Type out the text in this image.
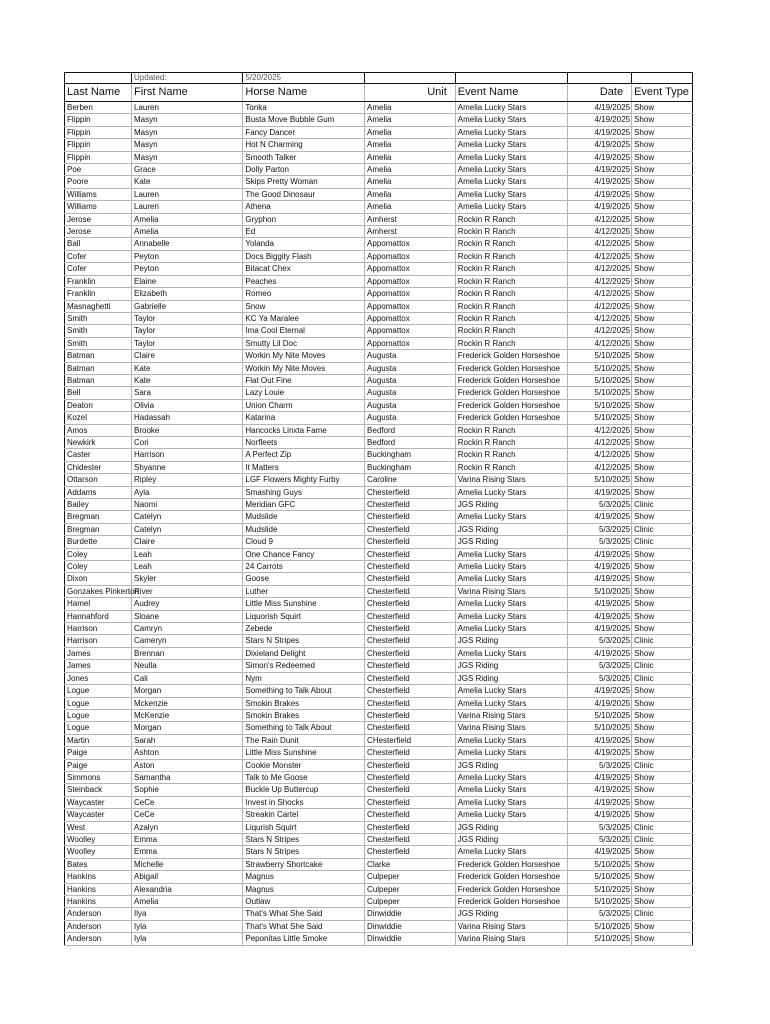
	Updated:	5/20/2025				
Last Name	First Name	Horse Name	Unit	Event Name	Date	Event Type
Berben	Lauren	Tonka	Amelia	Amelia Lucky Stars	4/19/2025	Show
Flippin	Masyn	Busta Move Bubble Gum	Amelia	Amelia Lucky Stars	4/19/2025	Show
Flippin	Masyn	Fancy Dancer	Amelia	Amelia Lucky Stars	4/19/2025	Show
Flippin	Masyn	Hot N Charming	Amelia	Amelia Lucky Stars	4/19/2025	Show
Flippin	Masyn	Smooth Talker	Amelia	Amelia Lucky Stars	4/19/2025	Show
Poe	Grace	Dolly Parton	Amelia	Amelia Lucky Stars	4/19/2025	Show
Poore	Kate	Skips Pretty Woman	Amelia	Amelia Lucky Stars	4/19/2025	Show
Williams	Lauren	The Good Dinosaur	Amelia	Amelia Lucky Stars	4/19/2025	Show
Williams	Lauren	Athena	Amelia	Amelia Lucky Stars	4/19/2025	Show
Jerose	Amelia	Gryphon	Amherst	Rockin R Ranch	4/12/2025	Show
Jerose	Amelia	Ed	Amherst	Rockin R Ranch	4/12/2025	Show
Ball	Annabelle	Yolanda	Appomattox	Rockin R Ranch	4/12/2025	Show
Cofer	Peyton	Docs Biggity Flash	Appomattox	Rockin R Ranch	4/12/2025	Show
Cofer	Peyton	Bitacat Chex	Appomattox	Rockin R Ranch	4/12/2025	Show
Franklin	Elaine	Peaches	Appomattox	Rockin R Ranch	4/12/2025	Show
Franklin	Elizabeth	Romeo	Appomattox	Rockin R Ranch	4/12/2025	Show
Masnaghetti	Gabrielle	Snow	Appomattox	Rockin R Ranch	4/12/2025	Show
Smith	Taylor	KC Ya Maralee	Appomattox	Rockin R Ranch	4/12/2025	Show
Smith	Taylor	Ima Cool Eternal	Appomattox	Rockin R Ranch	4/12/2025	Show
Smith	Taylor	Smutty Lil Doc	Appomattox	Rockin R Ranch	4/12/2025	Show
Batman	Claire	Workin My Nite Moves	Augusta	Frederick Golden Horseshoe	5/10/2025	Show
Batman	Kate	Workin My Nite Moves	Augusta	Frederick Golden Horseshoe	5/10/2025	Show
Batman	Kate	Flat Out Fine	Augusta	Frederick Golden Horseshoe	5/10/2025	Show
Bell	Sara	Lazy Louie	Augusta	Frederick Golden Horseshoe	5/10/2025	Show
Deaton	Olivia	Union Charm	Augusta	Frederick Golden Horseshoe	5/10/2025	Show
Kozel	Hadassah	Katarina	Augusta	Frederick Golden Horseshoe	5/10/2025	Show
Amos	Brooke	Hancocks Linxta Fame	Bedford	Rockin R Ranch	4/12/2025	Show
Newkirk	Cori	Norfleets	Bedford	Rockin R Ranch	4/12/2025	Show
Caster	Harrison	A Perfect Zip	Buckingham	Rockin R Ranch	4/12/2025	Show
Chidester	Shyanne	It Matters	Buckingham	Rockin R Ranch	4/12/2025	Show
Ottarson	Ripley	LGF Flowers Mighty Furby	Caroline	Varina Rising Stars	5/10/2025	Show
Addams	Ayla	Smashing Guys	Chesterfield	Amelia Lucky Stars	4/19/2025	Show
Bailey	Naomi	Meridian GFC	Chesterfield	JGS Riding	5/3/2025	Clinic
Bregman	Catelyn	Mudslide	Chesterfield	Amelia Lucky Stars	4/19/2025	Show
Bregman	Catelyn	Mudslide	Chesterfield	JGS Riding	5/3/2025	Clinic
Burdette	Claire	Cloud 9	Chesterfield	JGS Riding	5/3/2025	Clinic
Coley	Leah	One Chance Fancy	Chesterfield	Amelia Lucky Stars	4/19/2025	Show
Coley	Leah	24 Carrots	Chesterfield	Amelia Lucky Stars	4/19/2025	Show
Dixon	Skyler	Goose	Chesterfield	Amelia Lucky Stars	4/19/2025	Show
Gonzakes Pinkerton	River	Luther	Chesterfield	Varina Rising Stars	5/10/2025	Show
Hamel	Audrey	Little Miss Sunshine	Chesterfield	Amelia Lucky Stars	4/19/2025	Show
Hannahford	Sloane	Liquorish Squirt	Chesterfield	Amelia Lucky Stars	4/19/2025	Show
Harrison	Camryn	Zebede	Chesterfield	Amelia Lucky Stars	4/19/2025	Show
Harrison	Cameryn	Stars N Stripes	Chesterfield	JGS Riding	5/3/2025	Clinic
James	Brennan	Dixieland Delight	Chesterfield	Amelia Lucky Stars	4/19/2025	Show
James	Neulla	Simon's Redeemed	Chesterfield	JGS Riding	5/3/2025	Clinic
Jones	Cali	Nym	Chesterfield	JGS Riding	5/3/2025	Clinic
Logue	Morgan	Something to Talk About	Chesterfield	Amelia Lucky Stars	4/19/2025	Show
Logue	Mckenzie	Smokin Brakes	Chesterfield	Amelia Lucky Stars	4/19/2025	Show
Logue	McKenzie	Smokin Brakes	Chesterfield	Varina Rising Stars	5/10/2025	Show
Logue	Morgan	Something to Talk About	Chesterfield	Varina Rising Stars	5/10/2025	Show
Martin	Sarah	The Rain Dunit	CHesterfield	Amelia Lucky Stars	4/19/2025	Show
Paige	Ashton	Little Miss Sunshine	Chesterfield	Amelia Lucky Stars	4/19/2025	Show
Paige	Aston	Cookie Monster	Chesterfield	JGS Riding	5/3/2025	Clinic
Simmons	Samantha	Talk to Me Goose	Chesterfield	Amelia Lucky Stars	4/19/2025	Show
Steinback	Sophie	Buckle Up Buttercup	Chesterfield	Amelia Lucky Stars	4/19/2025	Show
Waycaster	CeCe	Invest in Shocks	Chesterfield	Amelia Lucky Stars	4/19/2025	Show
Waycaster	CeCe	Streakin Cartel	Chesterfield	Amelia Lucky Stars	4/19/2025	Show
West	Azalyn	Liqurish Squirt	Chesterfield	JGS Riding	5/3/2025	Clinic
Woolley	Emma	Stars N Stripes	Chesterfield	JGS Riding	5/3/2025	Clinic
Woolley	Emma	Stars N Stripes	Chesterfield	Amelia Lucky Stars	4/19/2025	Show
Bates	Michelle	Strawberry Shortcake	Clarke	Frederick Golden Horseshoe	5/10/2025	Show
Hankins	Abigail	Magnus	Culpeper	Frederick Golden Horseshoe	5/10/2025	Show
Hankins	Alexandria	Magnus	Culpeper	Frederick Golden Horseshoe	5/10/2025	Show
Hankins	Amelia	Outlaw	Culpeper	Frederick Golden Horseshoe	5/10/2025	Show
Anderson	Ilya	That's What She Said	Dinwiddie	JGS Riding	5/3/2025	Clinic
Anderson	Iyla	That's What She Said	Dinwiddie	Varina Rising Stars	5/10/2025	Show
Anderson	Iyla	Peponitas Little Smoke	Dinwiddie	Varina Rising Stars	5/10/2025	Show
